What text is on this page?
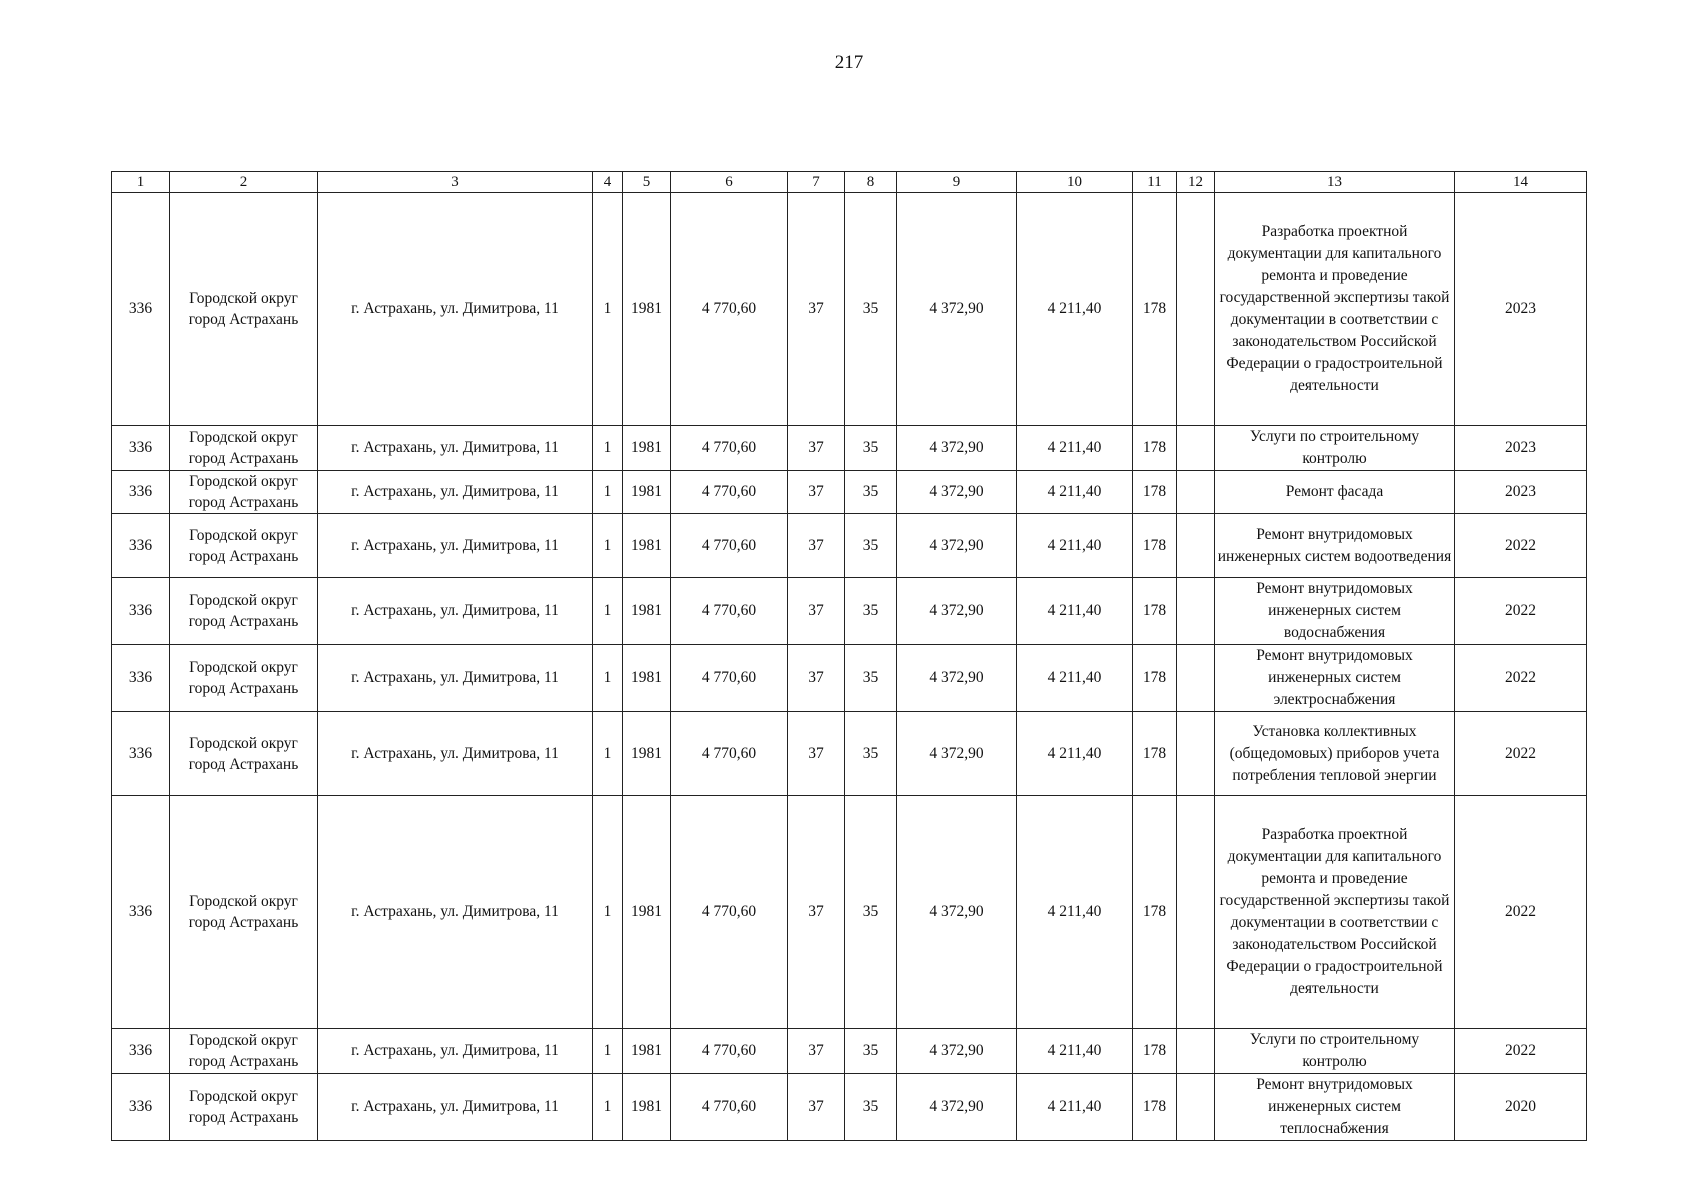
217
1	2	3	4	5	6	7	8	9	10	11	12	13	14
336	Городской округ город Астрахань	г. Астрахань, ул. Димитрова, 11	1	1981	4 770,60	37	35	4 372,90	4 211,40	178		Разработка проектной документации для капитального ремонта и проведение государственной экспертизы такой документации в соответствии с законодательством Российской Федерации о градостроительной деятельности	2023
336	Городской округ город Астрахань	г. Астрахань, ул. Димитрова, 11	1	1981	4 770,60	37	35	4 372,90	4 211,40	178		Услуги по строительному контролю	2023
336	Городской округ город Астрахань	г. Астрахань, ул. Димитрова, 11	1	1981	4 770,60	37	35	4 372,90	4 211,40	178		Ремонт фасада	2023
336	Городской округ город Астрахань	г. Астрахань, ул. Димитрова, 11	1	1981	4 770,60	37	35	4 372,90	4 211,40	178		Ремонт внутридомовых инженерных систем водоотведения	2022
336	Городской округ город Астрахань	г. Астрахань, ул. Димитрова, 11	1	1981	4 770,60	37	35	4 372,90	4 211,40	178		Ремонт внутридомовых инженерных систем водоснабжения	2022
336	Городской округ город Астрахань	г. Астрахань, ул. Димитрова, 11	1	1981	4 770,60	37	35	4 372,90	4 211,40	178		Ремонт внутридомовых инженерных систем электроснабжения	2022
336	Городской округ город Астрахань	г. Астрахань, ул. Димитрова, 11	1	1981	4 770,60	37	35	4 372,90	4 211,40	178		Установка коллективных (общедомовых) приборов учета потребления тепловой энергии	2022
336	Городской округ город Астрахань	г. Астрахань, ул. Димитрова, 11	1	1981	4 770,60	37	35	4 372,90	4 211,40	178		Разработка проектной документации для капитального ремонта и проведение государственной экспертизы такой документации в соответствии с законодательством Российской Федерации о градостроительной деятельности	2022
336	Городской округ город Астрахань	г. Астрахань, ул. Димитрова, 11	1	1981	4 770,60	37	35	4 372,90	4 211,40	178		Услуги по строительному контролю	2022
336	Городской округ город Астрахань	г. Астрахань, ул. Димитрова, 11	1	1981	4 770,60	37	35	4 372,90	4 211,40	178		Ремонт внутридомовых инженерных систем теплоснабжения	2020
